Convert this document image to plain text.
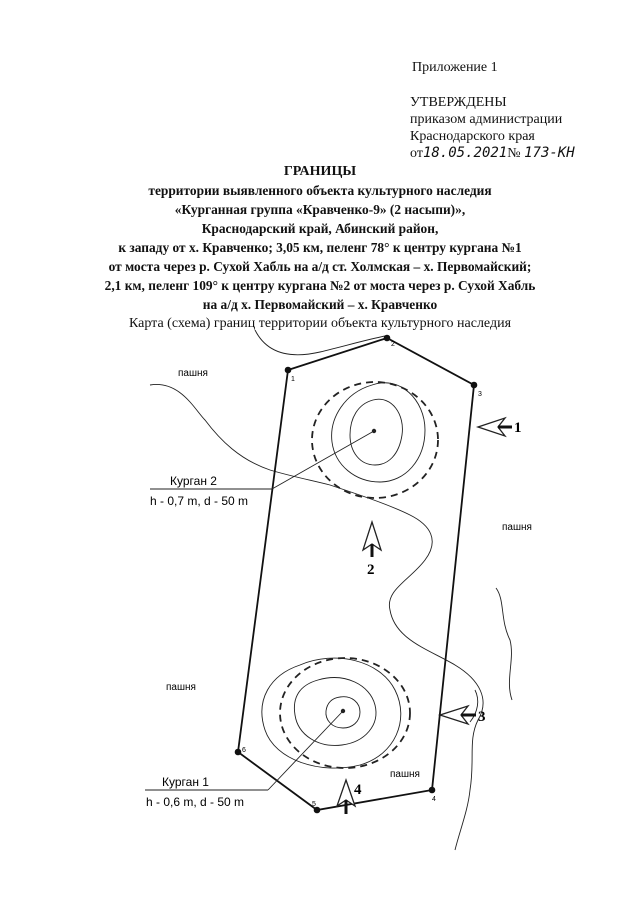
Приложение 1
УТВЕРЖДЕНЫ
приказом администрации
Краснодарского края
от18.05.2021№ 173-КН
ГРАНИЦЫ
территории выявленного объекта культурного наследия
«Курганная группа «Кравченко-9» (2 насыпи)»,
Краснодарский край, Абинский район,
к западу от х. Кравченко; 3,05 км, пеленг 78° к центру кургана №1
от моста через р. Сухой Хабль на а/д ст. Холмская – х. Первомайский;
2,1 км, пеленг 109° к центру кургана №2 от моста через р. Сухой Хабль
на а/д х. Первомайский – х. Кравченко
Карта (схема) границ территории объекта культурного наследия
1
2
3
4
5
6
пашня
пашня
пашня
пашня
Курган 2
h - 0,7 m, d - 50 m
Курган 1
h - 0,6 m, d - 50 m
1
2
3
4
